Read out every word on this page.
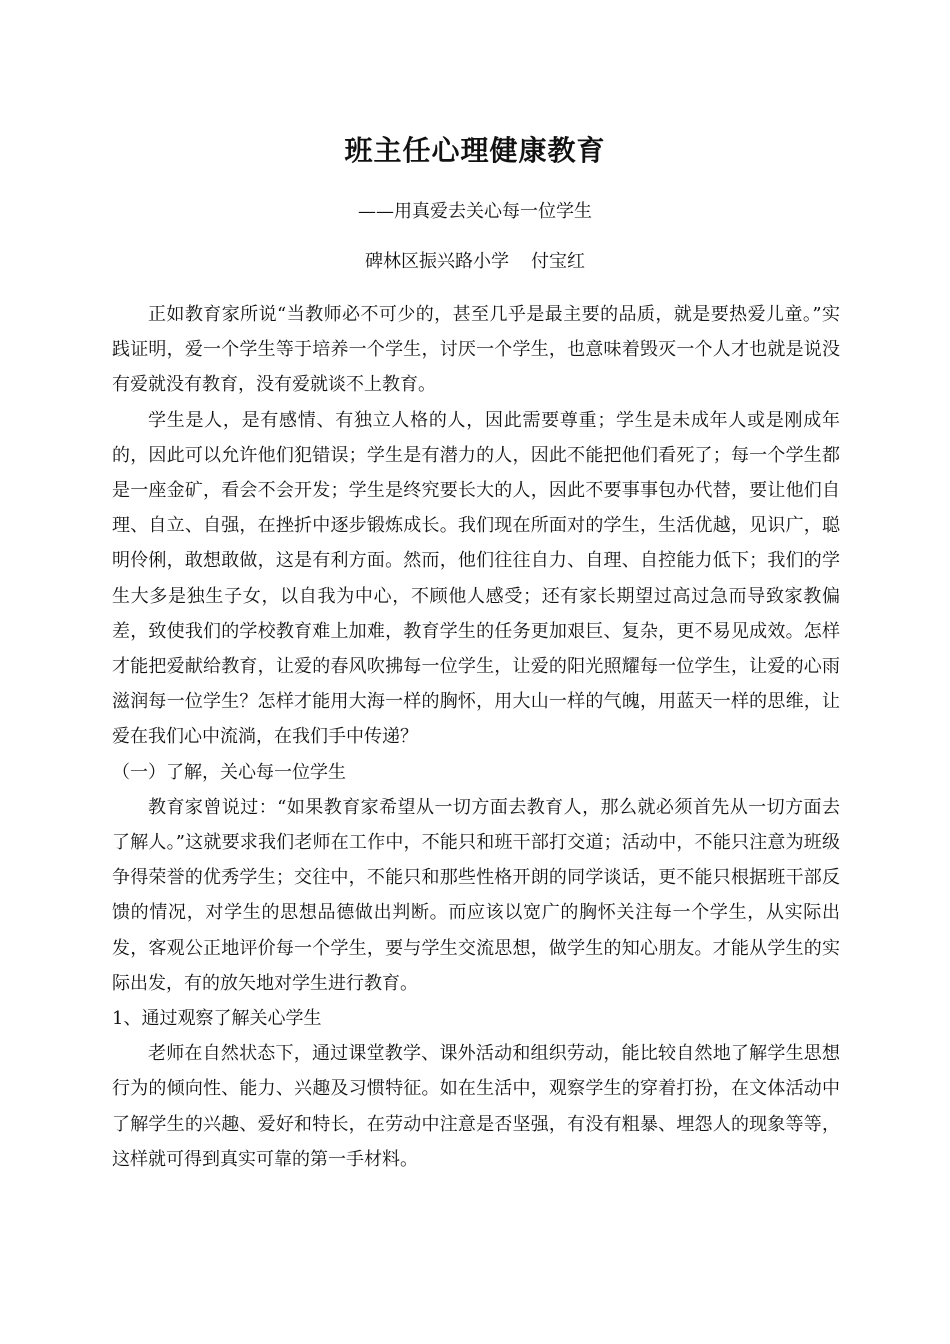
班主任心理健康教育
——用真爱去关心每一位学生
碑林区振兴路小学 付宝红

正如教育家所说“当教师必不可少的，甚至几乎是最主要的品质，就是要热爱儿童。”实践证明，爱一个学生等于培养一个学生，讨厌一个学生，也意味着毁灭一个人才也就是说没有爱就没有教育，没有爱就谈不上教育。

学生是人，是有感情、有独立人格的人，因此需要尊重；学生是未成年人或是刚成年的，因此可以允许他们犯错误；学生是有潜力的人，因此不能把他们看死了；每一个学生都是一座金矿，看会不会开发；学生是终究要长大的人，因此不要事事包办代替，要让他们自理、自立、自强，在挫折中逐步锻炼成长。我们现在所面对的学生，生活优越，见识广，聪明伶俐，敢想敢做，这是有利方面。然而，他们往往自力、自理、自控能力低下；我们的学生大多是独生子女，以自我为中心，不顾他人感受；还有家长期望过高过急而导致家教偏差，致使我们的学校教育难上加难，教育学生的任务更加艰巨、复杂，更不易见成效。怎样才能把爱献给教育，让爱的春风吹拂每一位学生，让爱的阳光照耀每一位学生，让爱的心雨滋润每一位学生？怎样才能用大海一样的胸怀，用大山一样的气魄，用蓝天一样的思维，让爱在我们心中流淌，在我们手中传递？

（一）了解，关心每一位学生

教育家曾说过：“如果教育家希望从一切方面去教育人，那么就必须首先从一切方面去了解人。”这就要求我们老师在工作中，不能只和班干部打交道；活动中，不能只注意为班级争得荣誉的优秀学生；交往中，不能只和那些性格开朗的同学谈话，更不能只根据班干部反馈的情况，对学生的思想品德做出判断。而应该以宽广的胸怀关注每一个学生，从实际出发，客观公正地评价每一个学生，要与学生交流思想，做学生的知心朋友。才能从学生的实际出发，有的放矢地对学生进行教育。

1、通过观察了解关心学生

老师在自然状态下，通过课堂教学、课外活动和组织劳动，能比较自然地了解学生思想行为的倾向性、能力、兴趣及习惯特征。如在生活中，观察学生的穿着打扮，在文体活动中了解学生的兴趣、爱好和特长，在劳动中注意是否坚强，有没有粗暴、埋怨人的现象等等，这样就可得到真实可靠的第一手材料。
